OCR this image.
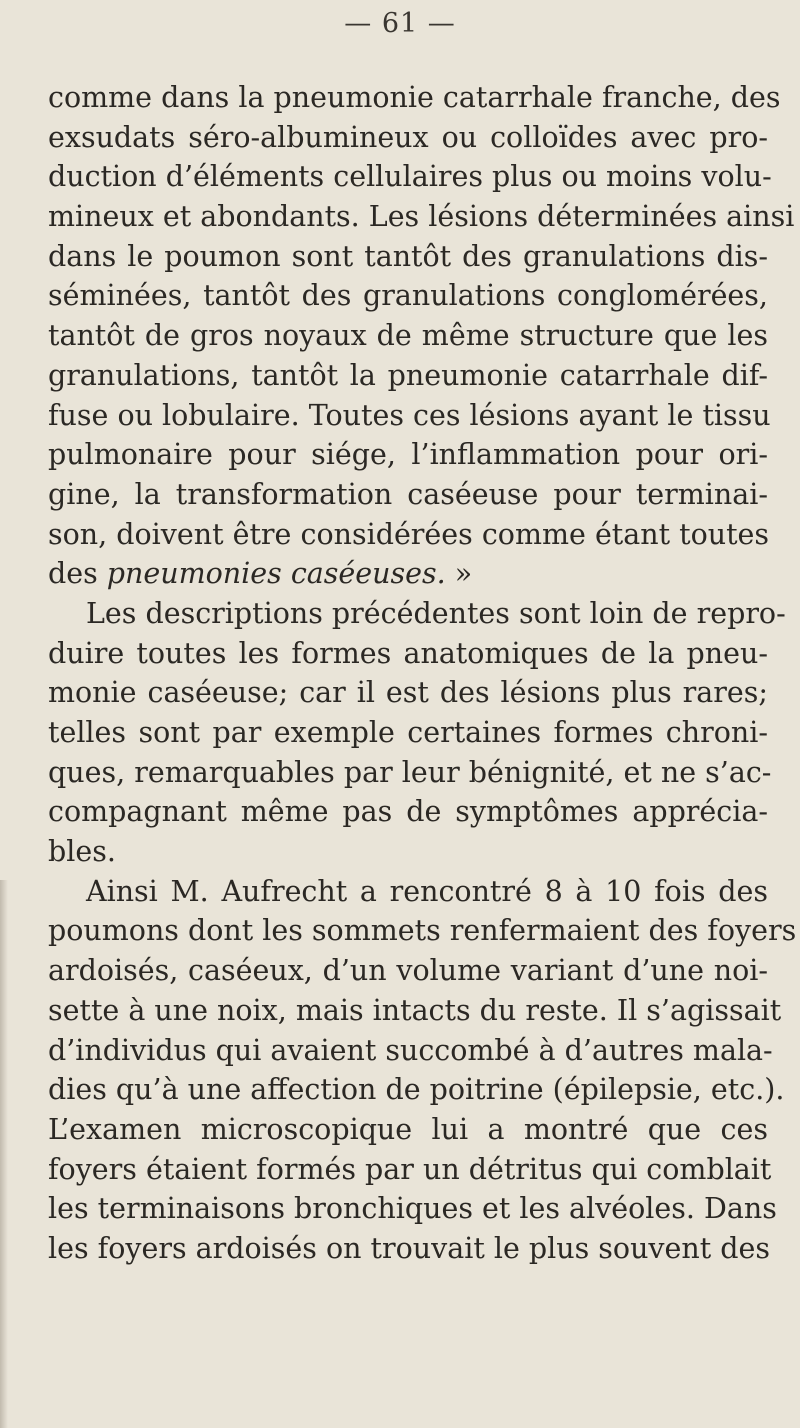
— 61 —
comme dans la pneumonie catarrhale franche, des
exsudats séro-albumineux ou colloïdes avec pro-
duction d’éléments cellulaires plus ou moins volu-
mineux et abondants. Les lésions déterminées ainsi
dans le poumon sont tantôt des granulations dis-
séminées, tantôt des granulations conglomérées,
tantôt de gros noyaux de même structure que les
granulations, tantôt la pneumonie catarrhale dif-
fuse ou lobulaire. Toutes ces lésions ayant le tissu
pulmonaire pour siége, l’inflammation pour ori-
gine, la transformation caséeuse pour terminai-
son, doivent être considérées comme étant toutes
des pneumonies caséeuses. »
Les descriptions précédentes sont loin de repro-
duire toutes les formes anatomiques de la pneu-
monie caséeuse; car il est des lésions plus rares;
telles sont par exemple certaines formes chroni-
ques, remarquables par leur bénignité, et ne s’ac-
compagnant même pas de symptômes apprécia-
bles.
Ainsi M. Aufrecht a rencontré 8 à 10 fois des
poumons dont les sommets renfermaient des foyers
ardoisés, caséeux, d’un volume variant d’une noi-
sette à une noix, mais intacts du reste. Il s’agissait
d’individus qui avaient succombé à d’autres mala-
dies qu’à une affection de poitrine (épilepsie, etc.).
L’examen microscopique lui a montré que ces
foyers étaient formés par un détritus qui comblait
les terminaisons bronchiques et les alvéoles. Dans
les foyers ardoisés on trouvait le plus souvent des
